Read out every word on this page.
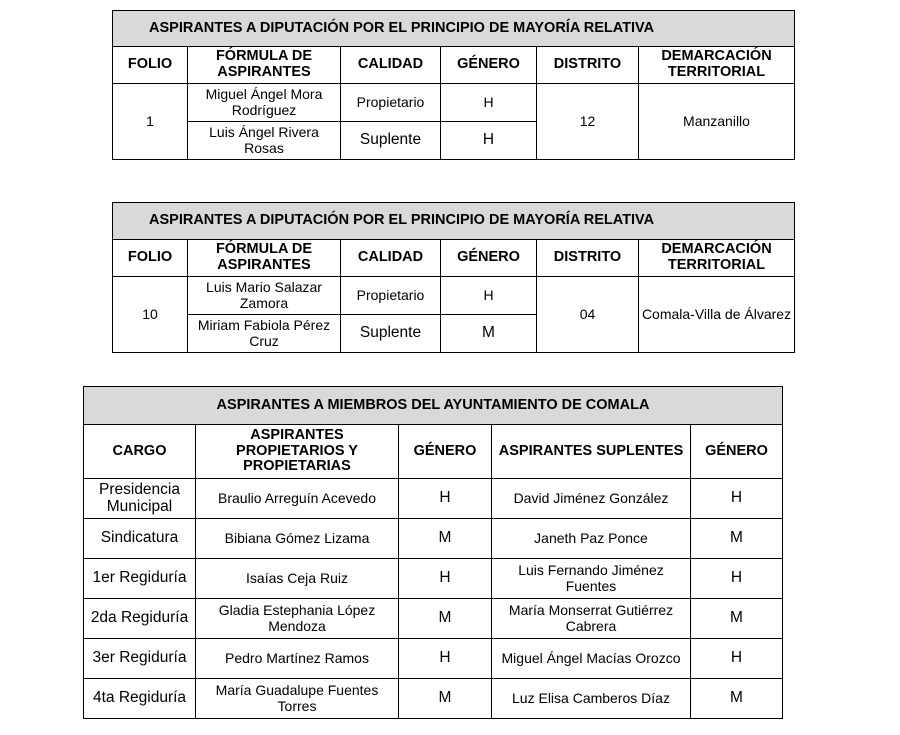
ASPIRANTES A DIPUTACIÓN POR EL PRINCIPIO DE MAYORÍA RELATIVA					
FOLIO	FÓRMULA DE ASPIRANTES	CALIDAD	GÉNERO	DISTRITO	DEMARCACIÓN TERRITORIAL
1	Miguel Ángel Mora Rodríguez	Propietario	H	12	Manzanillo
	Luis Ángel Rivera Rosas	Suplente	H		
ASPIRANTES A DIPUTACIÓN POR EL PRINCIPIO DE MAYORÍA RELATIVA					
FOLIO	FÓRMULA DE ASPIRANTES	CALIDAD	GÉNERO	DISTRITO	DEMARCACIÓN TERRITORIAL
10	Luis Mario Salazar Zamora	Propietario	H	04	Comala-Villa de Álvarez
	Miriam Fabiola Pérez Cruz	Suplente	M		
ASPIRANTES A MIEMBROS DEL AYUNTAMIENTO DE COMALA				
CARGO	ASPIRANTES PROPIETARIOS Y PROPIETARIAS	GÉNERO	ASPIRANTES SUPLENTES	GÉNERO
Presidencia Municipal	Braulio Arreguín Acevedo	H	David Jiménez González	H
Sindicatura	Bibiana Gómez Lizama	M	Janeth Paz Ponce	M
1er Regiduría	Isaías Ceja Ruiz	H	Luis Fernando Jiménez Fuentes	H
2da Regiduría	Gladia Estephania López Mendoza	M	María Monserrat Gutiérrez Cabrera	M
3er Regiduría	Pedro Martínez Ramos	H	Miguel Ángel Macías Orozco	H
4ta Regiduría	María Guadalupe Fuentes Torres	M	Luz Elisa Camberos Díaz	M
